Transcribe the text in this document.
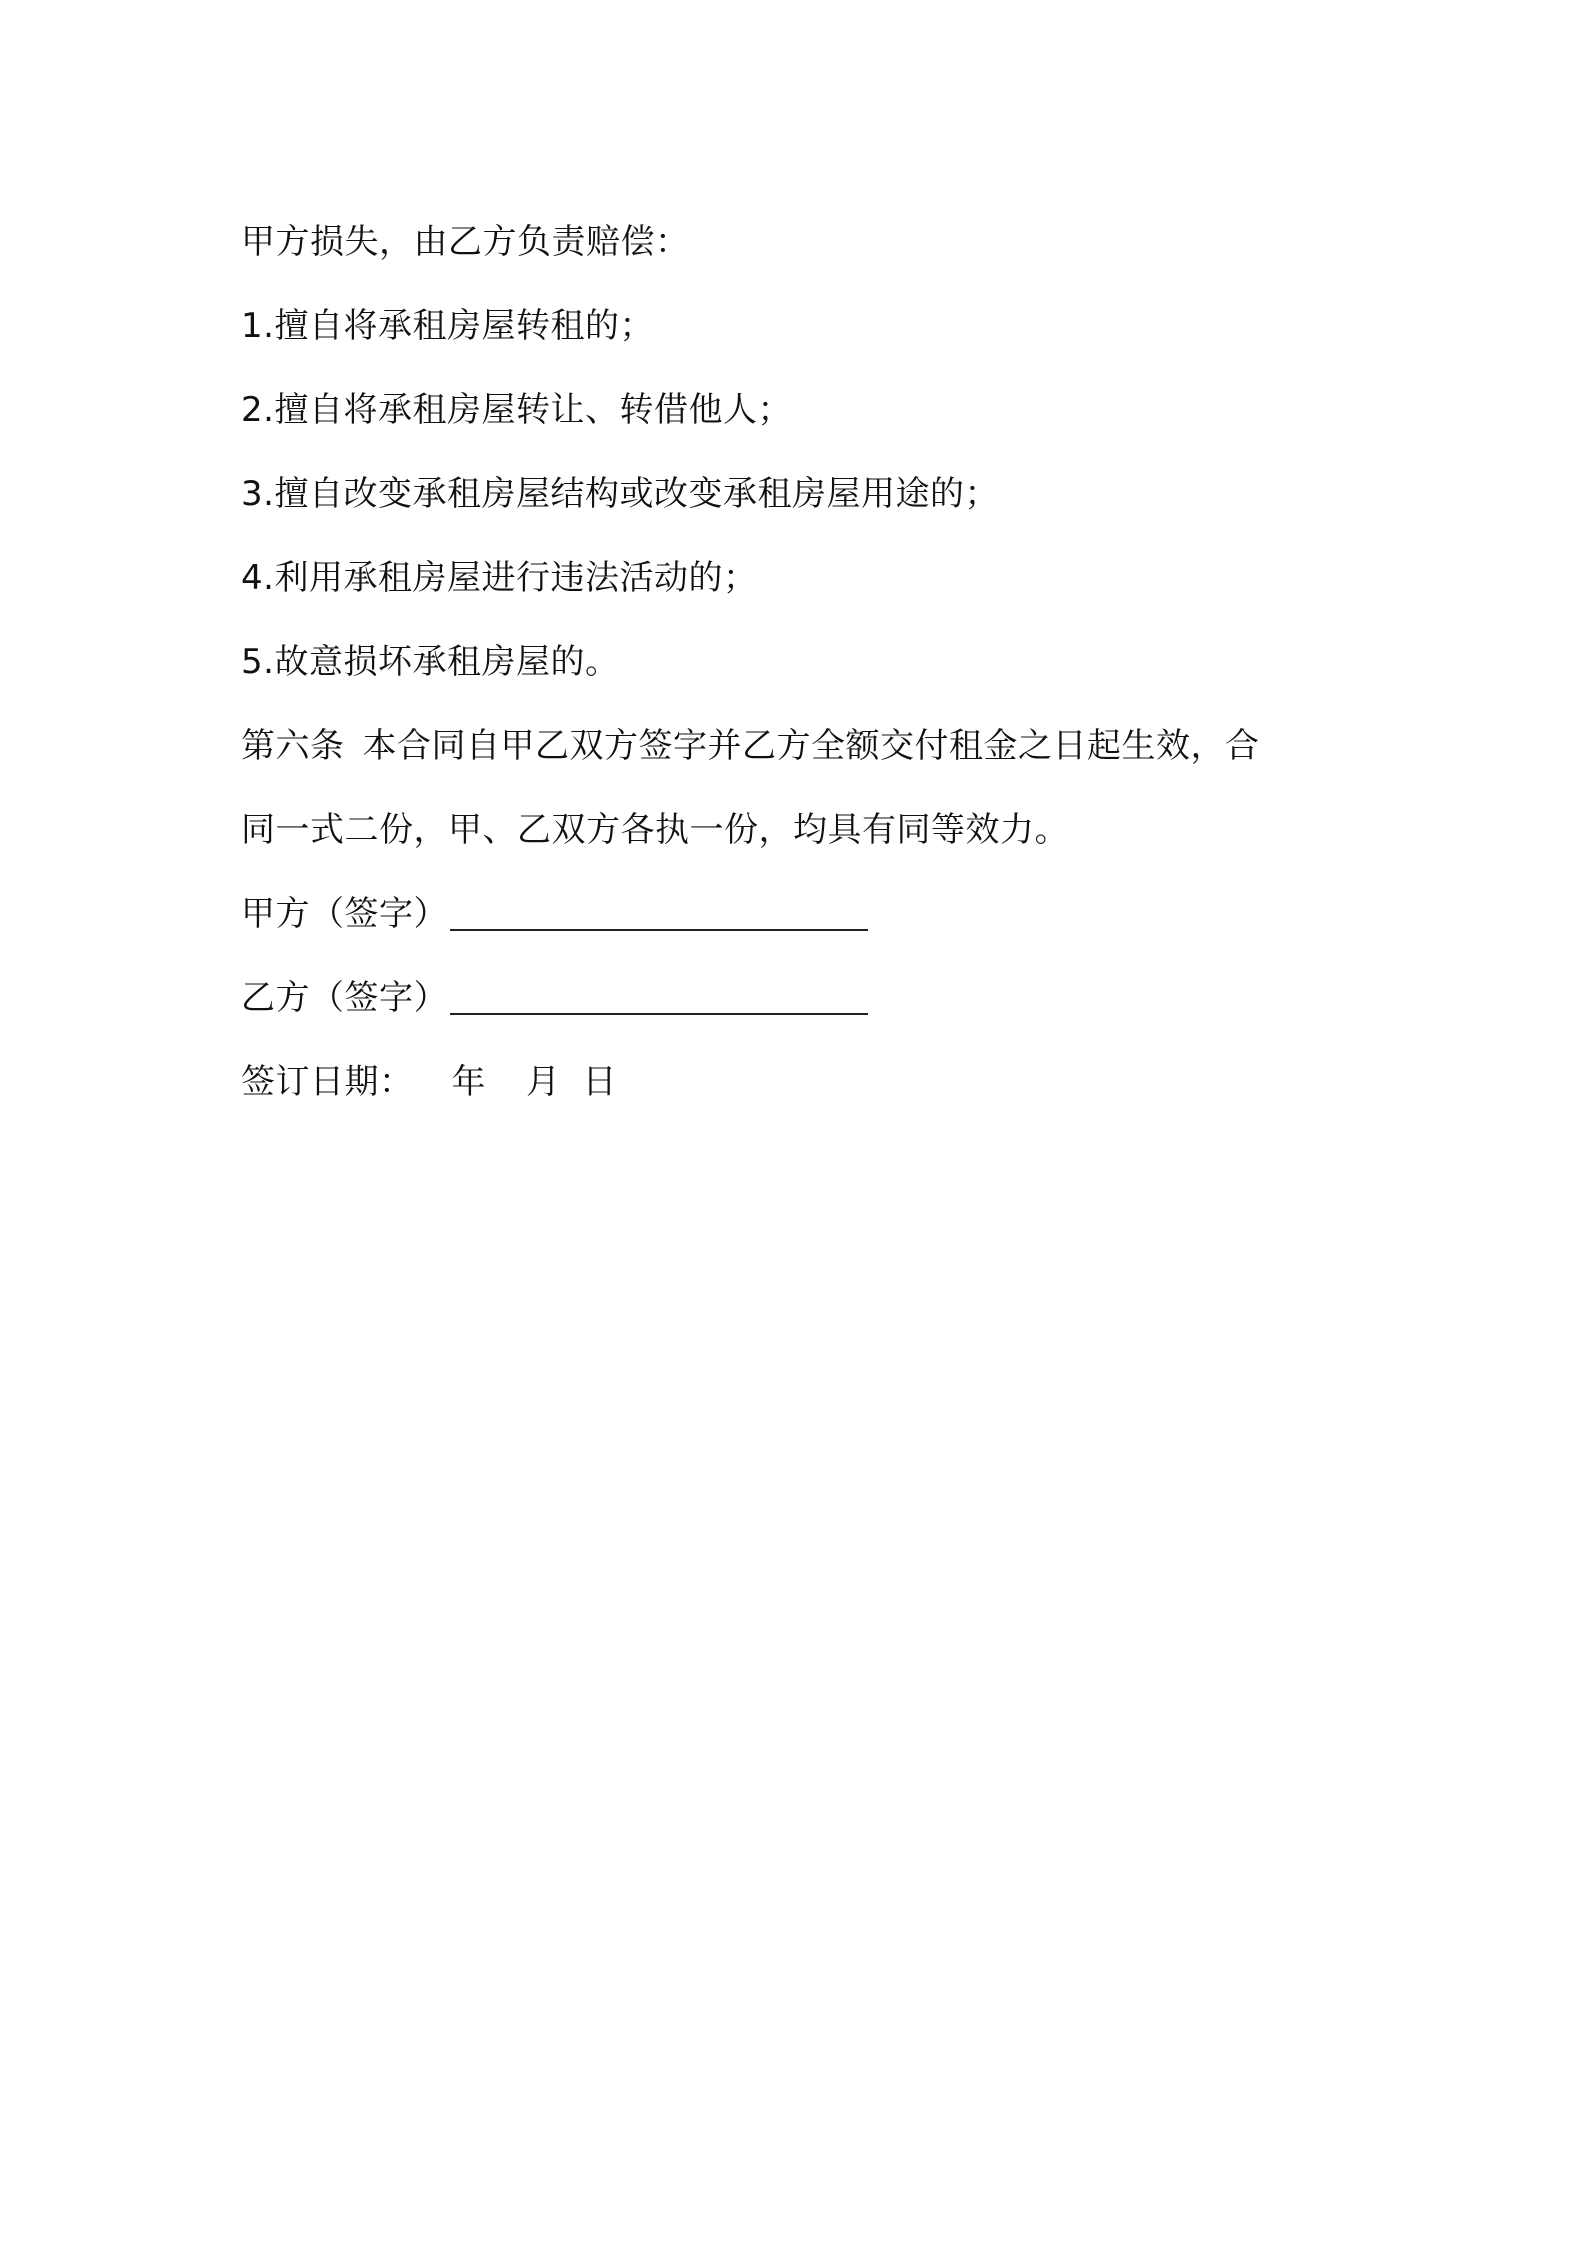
甲方损失，由乙方负责赔偿：
1.擅自将承租房屋转租的；
2.擅自将承租房屋转让、转借他人；
3.擅自改变承租房屋结构或改变承租房屋用途的；
4.利用承租房屋进行违法活动的；
5.故意损坏承租房屋的。
第六条 本合同自甲乙双方签字并乙方全额交付租金之日起生效，合
同一式二份，甲、乙双方各执一份，均具有同等效力。
甲方（签字）
乙方（签字）
签订日期： 年 月 日
